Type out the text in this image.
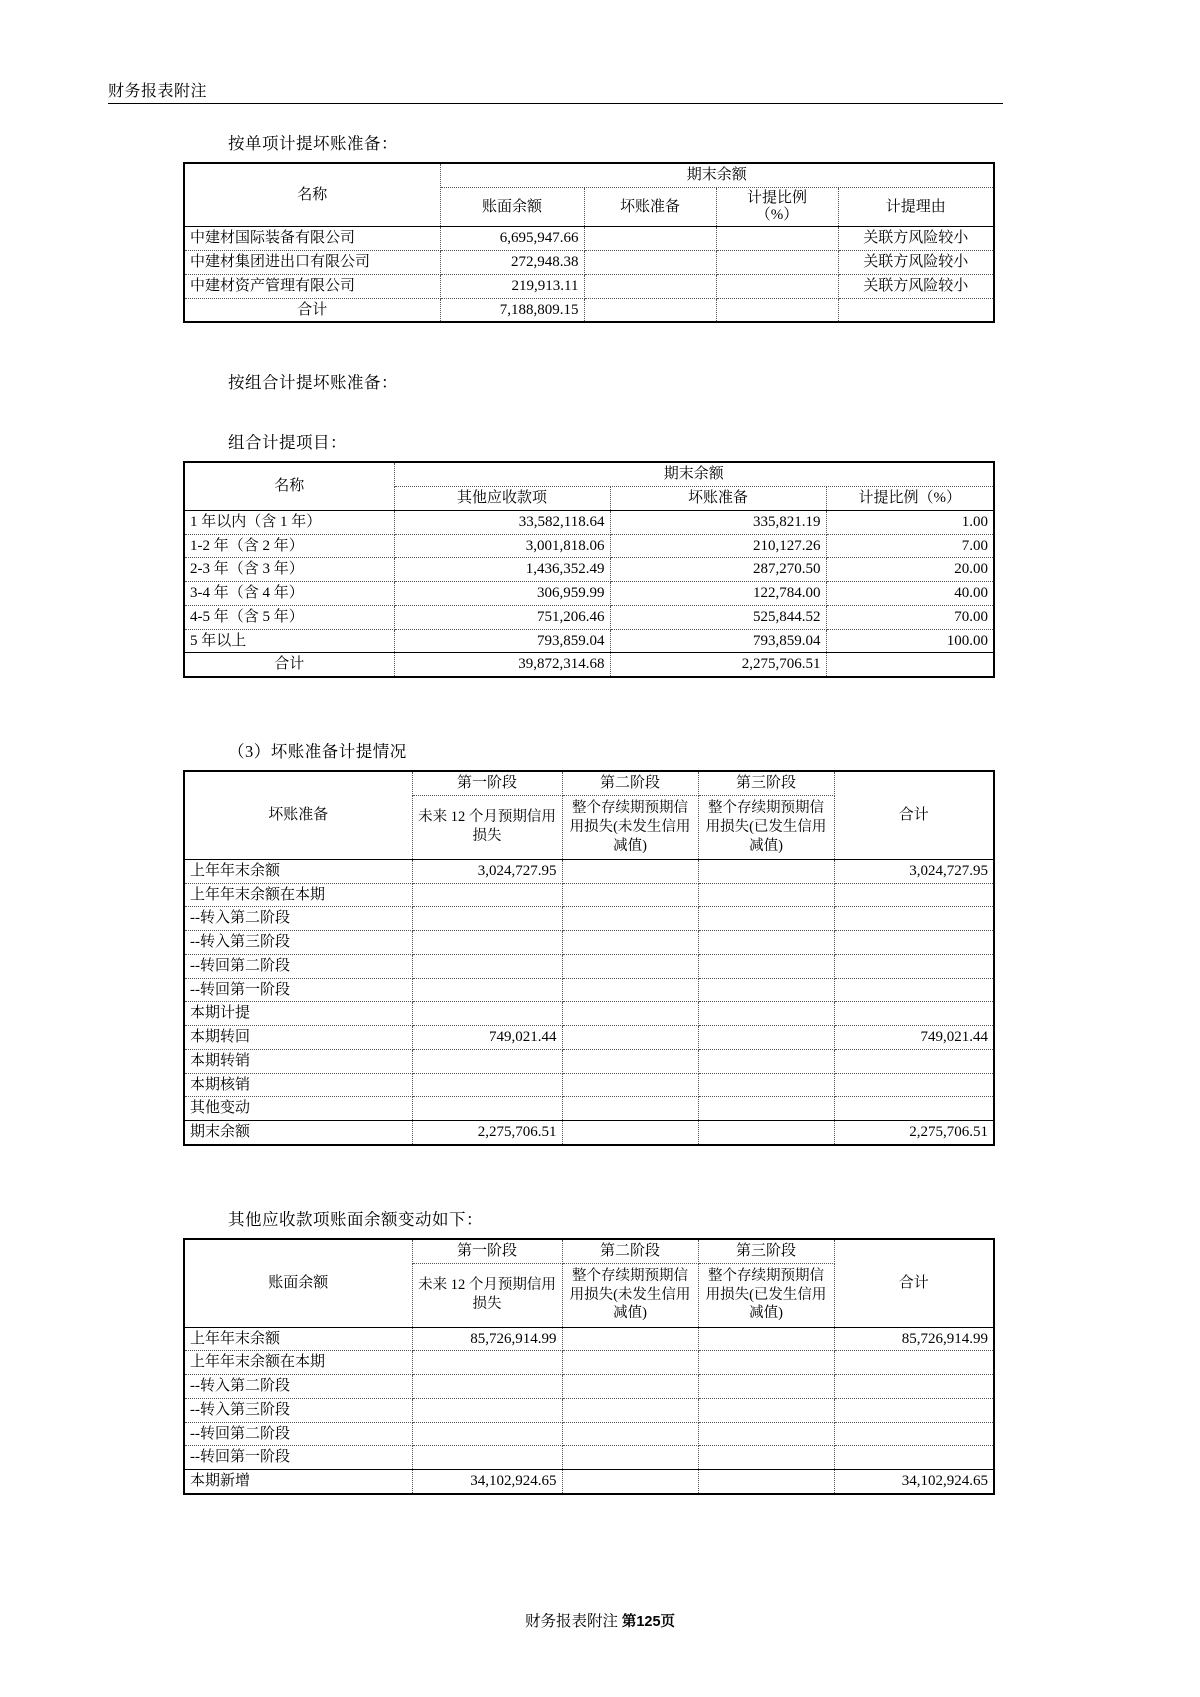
财务报表附注
按单项计提坏账准备：
名称	期末余额			
	账面余额	坏账准备	计提比例
（%）	计提理由
中建材国际装备有限公司	6,695,947.66			关联方风险较小
中建材集团进出口有限公司	272,948.38			关联方风险较小
中建材资产管理有限公司	219,913.11			关联方风险较小
合计	7,188,809.15			
按组合计提坏账准备：
组合计提项目：
名称	期末余额		
	其他应收款项	坏账准备	计提比例（%）
1 年以内（含 1 年）	33,582,118.64	335,821.19	1.00
1-2 年（含 2 年）	3,001,818.06	210,127.26	7.00
2-3 年（含 3 年）	1,436,352.49	287,270.50	20.00
3-4 年（含 4 年）	306,959.99	122,784.00	40.00
4-5 年（含 5 年）	751,206.46	525,844.52	70.00
5 年以上	793,859.04	793,859.04	100.00
合计	39,872,314.68	2,275,706.51	
（3）坏账准备计提情况
坏账准备	第一阶段	第二阶段	第三阶段	合计
	未来 12 个月预期信用损失	整个存续期预期信用损失(未发生信用减值)	整个存续期预期信用损失(已发生信用减值)	
上年年末余额	3,024,727.95			3,024,727.95
上年年末余额在本期				
--转入第二阶段				
--转入第三阶段				
--转回第二阶段				
--转回第一阶段				
本期计提				
本期转回	749,021.44			749,021.44
本期转销				
本期核销				
其他变动				
期末余额	2,275,706.51			2,275,706.51
其他应收款项账面余额变动如下：
账面余额	第一阶段	第二阶段	第三阶段	合计
	未来 12 个月预期信用损失	整个存续期预期信用损失(未发生信用减值)	整个存续期预期信用损失(已发生信用减值)	
上年年末余额	85,726,914.99			85,726,914.99
上年年末余额在本期				
--转入第二阶段				
--转入第三阶段				
--转回第二阶段				
--转回第一阶段				
本期新增	34,102,924.65			34,102,924.65
财务报表附注 第125页
